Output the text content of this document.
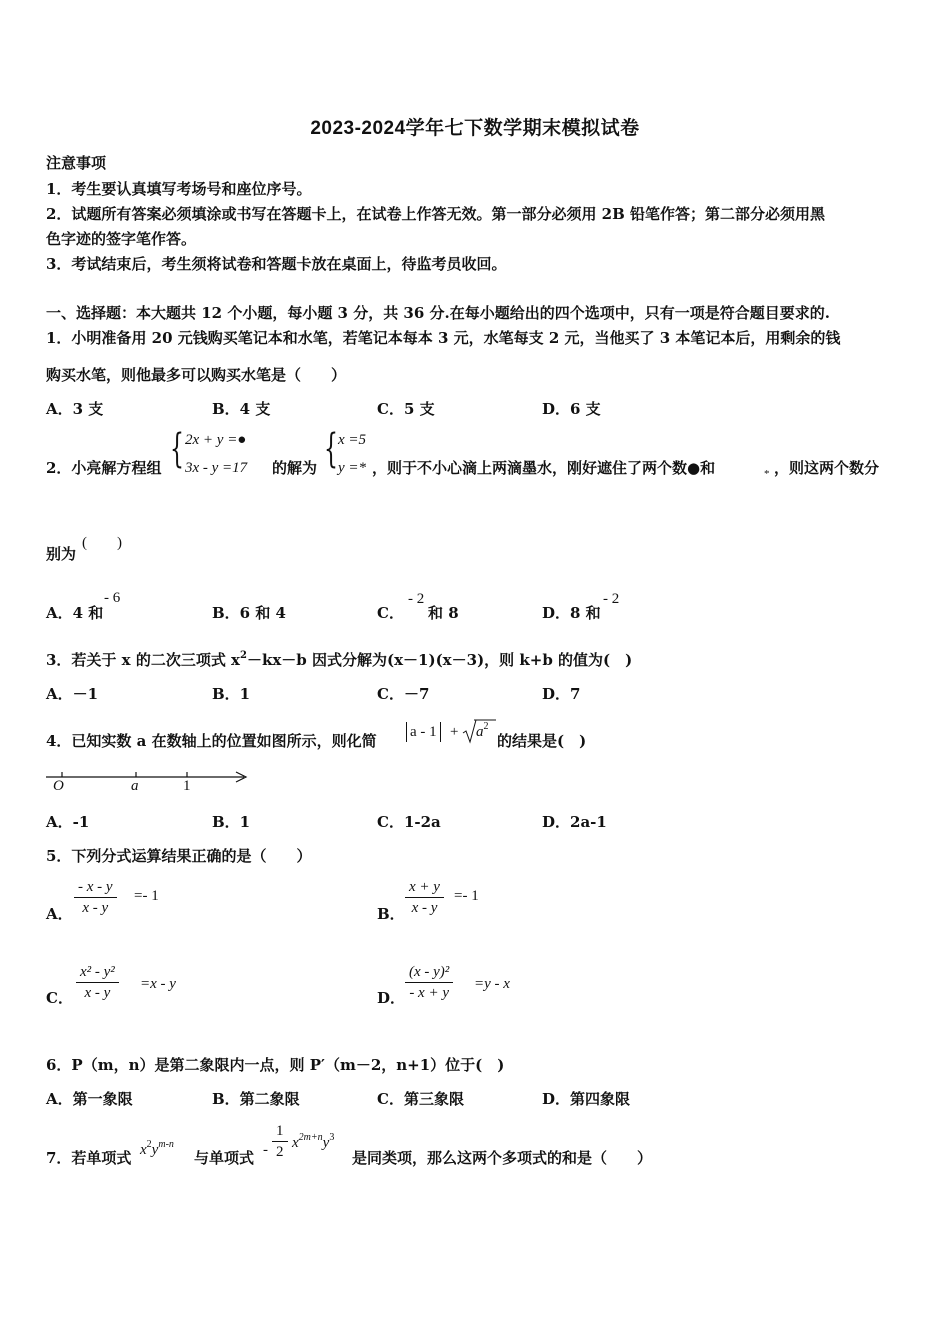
2023-2024学年七下数学期末模拟试卷
注意事项
1．考生要认真填写考场号和座位序号。
2．试题所有答案必须填涂或书写在答题卡上，在试卷上作答无效。第一部分必须用 2B 铅笔作答；第二部分必须用黑
色字迹的签字笔作答。
3．考试结束后，考生须将试卷和答题卡放在桌面上，待监考员收回。
一、选择题：本大题共 12 个小题，每小题 3 分，共 36 分.在每小题给出的四个选项中，只有一项是符合题目要求的.
1．小明准备用 20 元钱购买笔记本和水笔，若笔记本每本 3 元，水笔每支 2 元，当他买了 3 本笔记本后，用剩余的钱
购买水笔，则他最多可以购买水笔是（　　）
A．3 支	B．4 支	C．5 支	D．6 支
2．小亮解方程组 { 2x + y =●
3x - y =17 的解为 { x =5
y =* ，则于不小心滴上两滴墨水，刚好遮住了两个数●和	* ，则这两个数分
别为
(　　)
A．4 和
- 6
B．6 和 4	C．
- 2
和 8	D．8 和
- 2
3．若关于 x 的二次三项式 $x^2-kx-b$ 因式分解为(x－1)(x－3)，则 k+b 的值为(　)
A．－1	B．1	C．－7	D．7
4．已知实数 a 在数轴上的位置如图所示，则化简 $a - 1 + a^2$
的结果是(　)
O	a	1
A．-1	B．1	C．1-2a	D．2a-1
5．下列分式运算结果正确的是（　　）
A． $\frac{- x - y}{x - y} =- 1$
B． $\frac{x + y}{x - y} =- 1$
C． $\frac{\text{x² - y²}}{x - y} =x - y$
D． $\frac{\text{(x - y)²}}{- x + y} =y - x$
6．P（m，n）是第二象限内一点，则 P′（m－2，n+1）位于(　)
A．第一象限	B．第二象限	C．第三象限	D．第四象限
7．若单项式 $x^2y^{m-n}$
与单项式 - $\frac{1}{2} x^{2m+n}y^3$
是同类项，那么这两个多项式的和是（　　）
